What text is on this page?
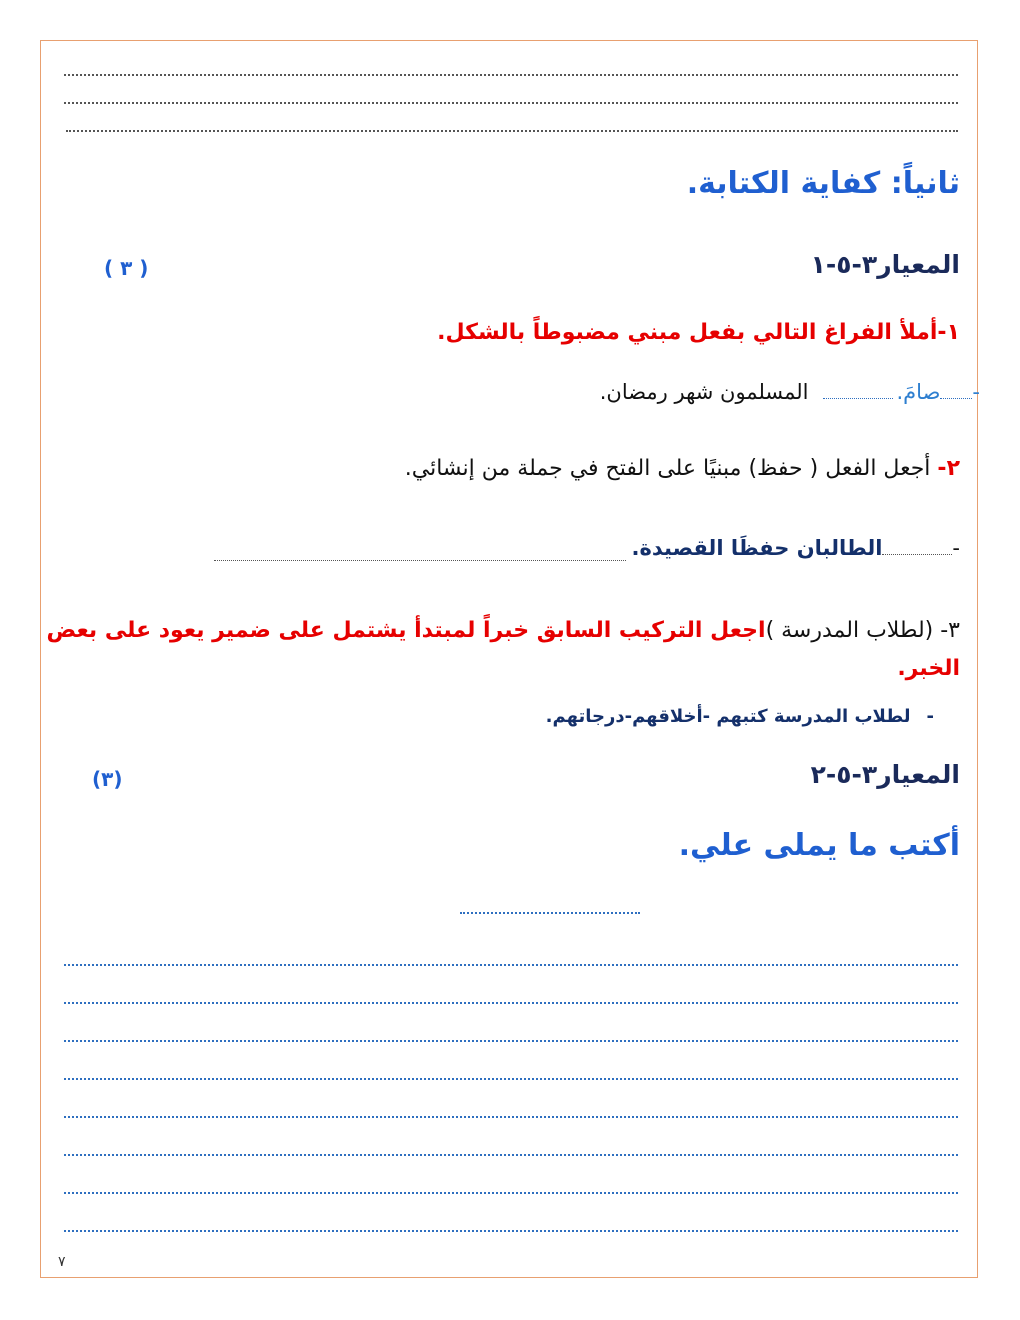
ثانياً: كفاية الكتابة.
المعيار٣-٥-١
( ٣ )
١-أملأ الفراغ التالي بفعل مبني مضبوطاً بالشكل.
-صامَ.المسلمون شهر رمضان.
٢- أجعل الفعل ( حفظ) مبنيًا على الفتح في جملة من إنشائي.
-الطالبان حفظَا القصيدة.
٣- (لطلاب المدرسة )اجعل التركيب السابق خبراً لمبتدأ يشتمل على ضمير يعود على بعض
الخبر.
-لطلاب المدرسة كتبهم -أخلاقهم-درجاتهم.
المعيار٣-٥-٢
(٣)
أكتب ما يملى علي.
٧
